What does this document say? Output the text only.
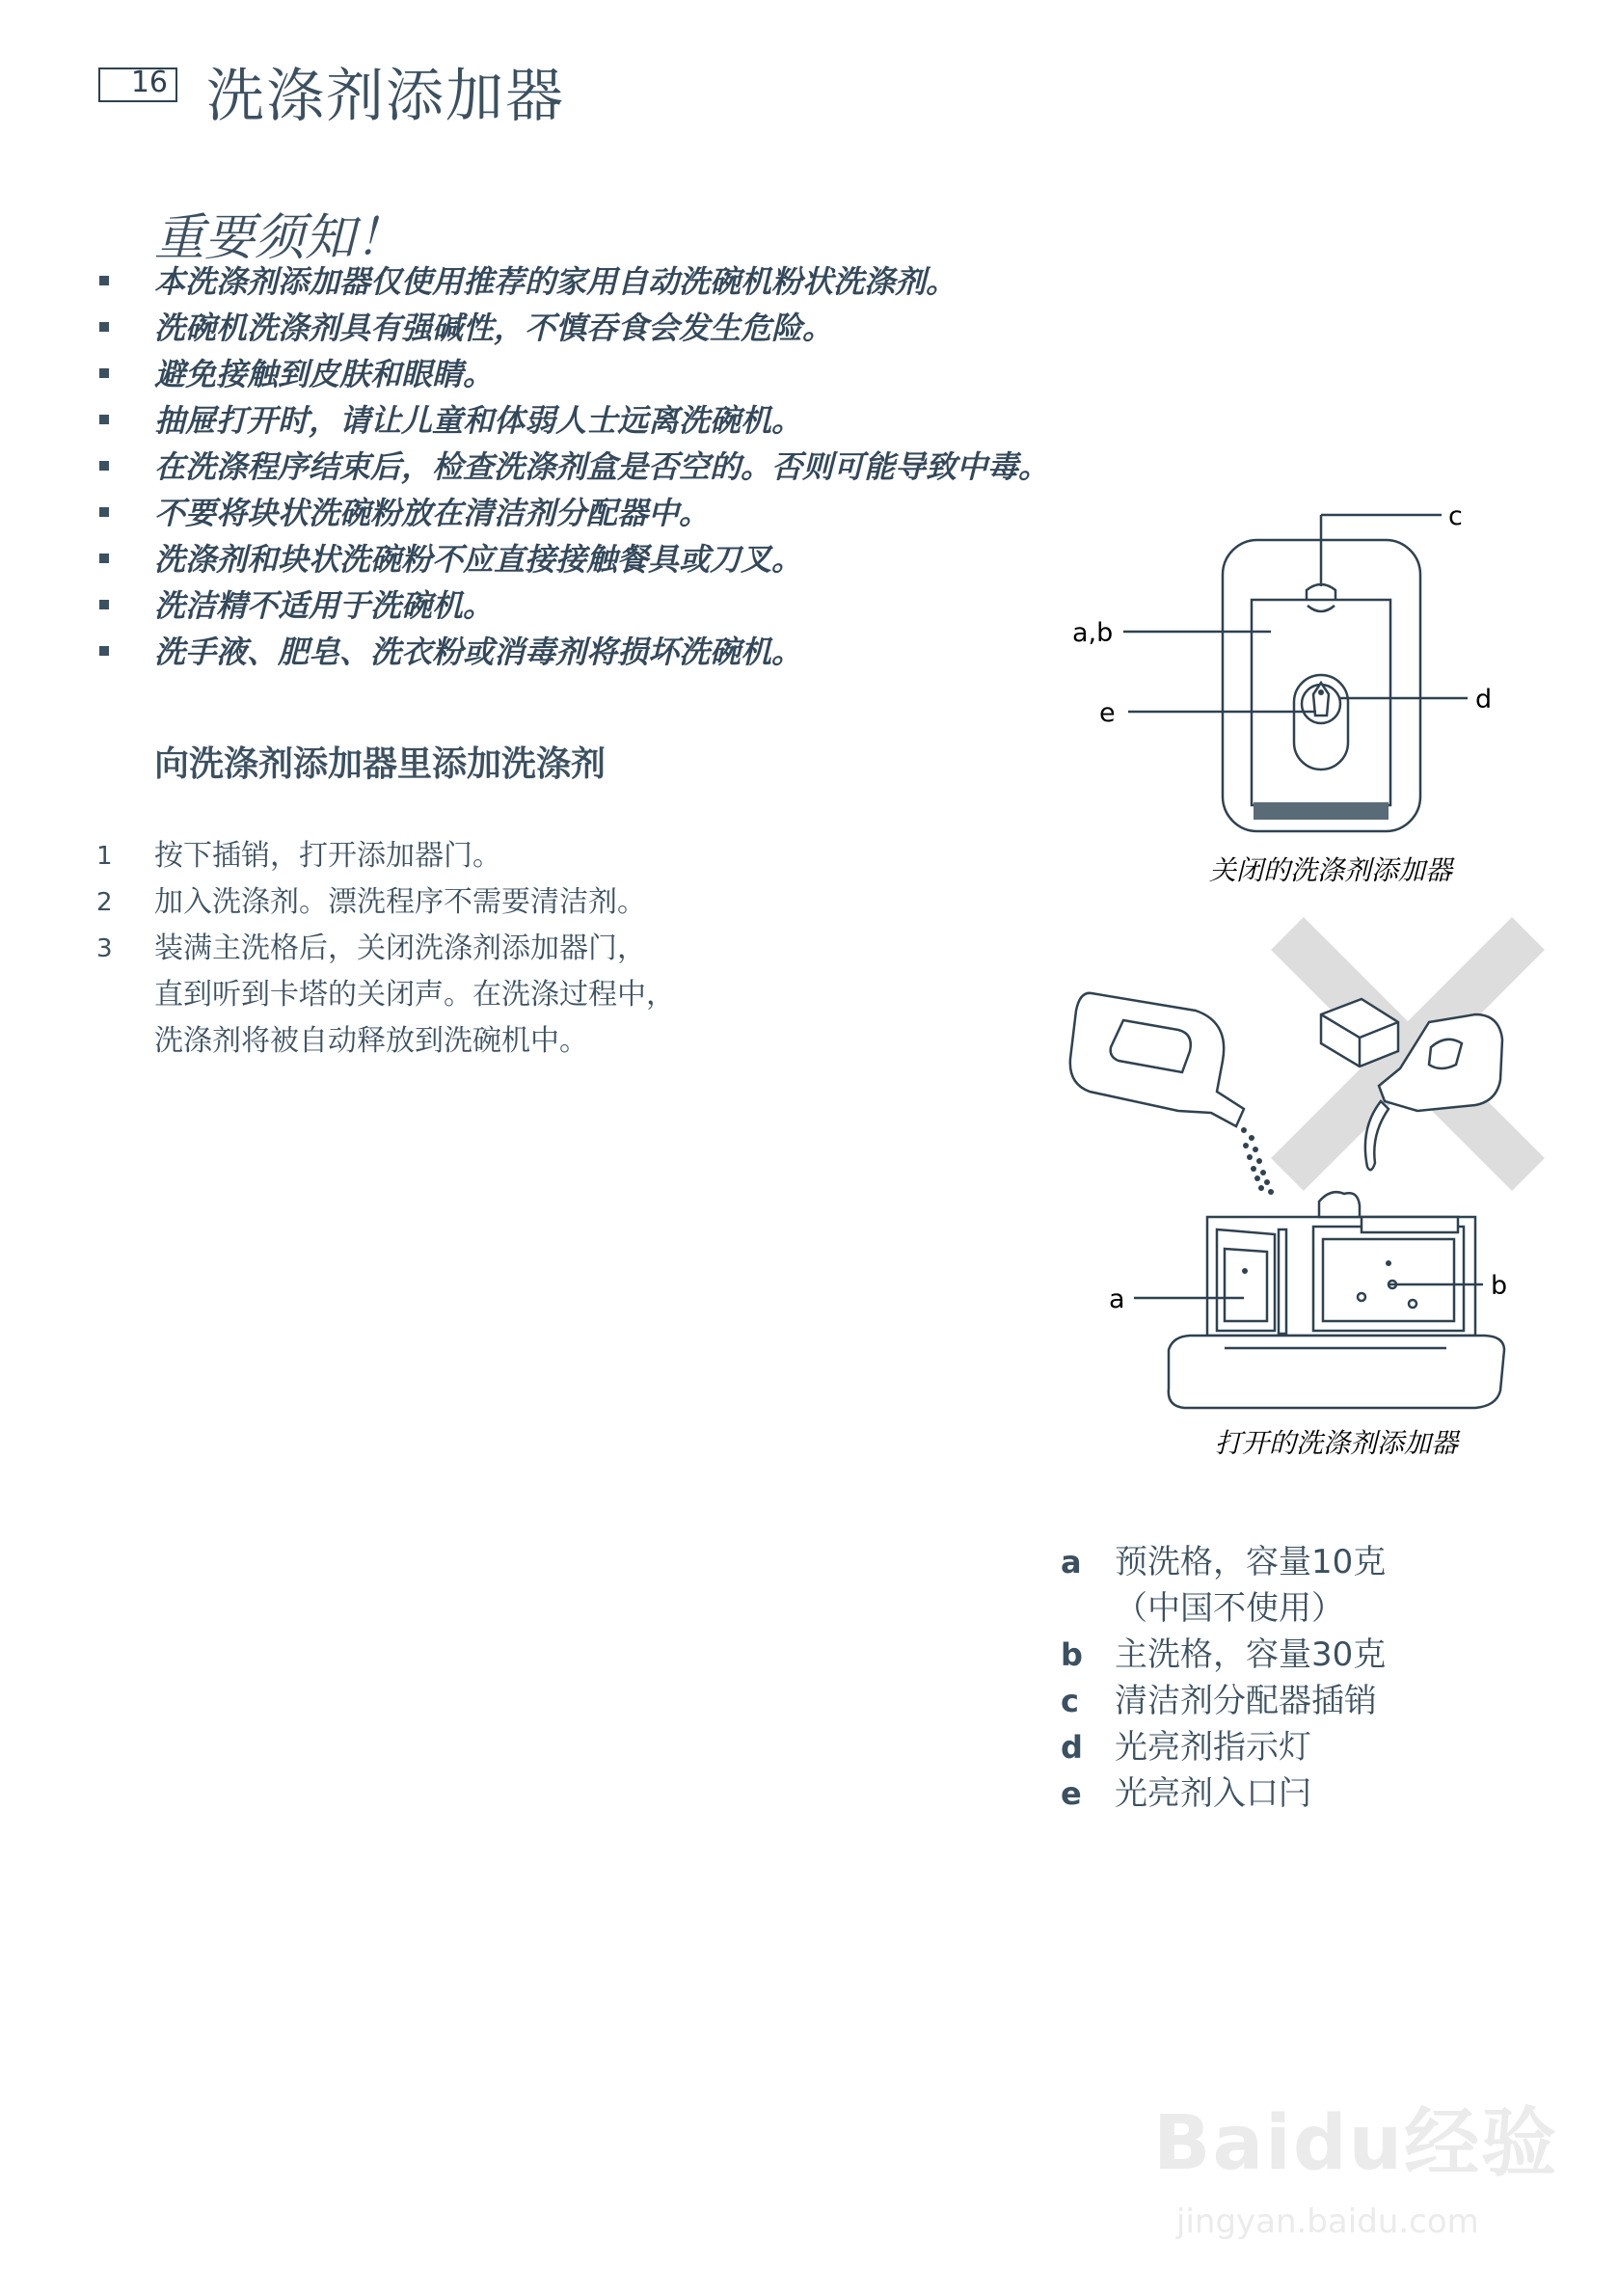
16 洗涤剂添加器
重要须知！
本洗涤剂添加器仅使用推荐的家用自动洗碗机粉状洗涤剂。
洗碗机洗涤剂具有强碱性，不慎吞食会发生危险。
避免接触到皮肤和眼睛。
抽屉打开时，请让儿童和体弱人士远离洗碗机。
在洗涤程序结束后，检查洗涤剂盒是否空的。否则可能导致中毒。
不要将块状洗碗粉放在清洁剂分配器中。
洗涤剂和块状洗碗粉不应直接接触餐具或刀叉。
洗洁精不适用于洗碗机。
洗手液、肥皂、洗衣粉或消毒剂将损坏洗碗机。
向洗涤剂添加器里添加洗涤剂
1 按下插销，打开添加器门。
2 加入洗涤剂。漂洗程序不需要清洁剂。
3 装满主洗格后，关闭洗涤剂添加器门，
直到听到卡塔的关闭声。在洗涤过程中，
洗涤剂将被自动释放到洗碗机中。
c
a,b
d
e
关闭的洗涤剂添加器
a	b
打开的洗涤剂添加器
a 预洗格，容量10克
（中国不使用）
b 主洗格，容量30克
c 清洁剂分配器插销
d 光亮剂指示灯
e 光亮剂入口闩
Baidu经验
jingyan.baidu.com
